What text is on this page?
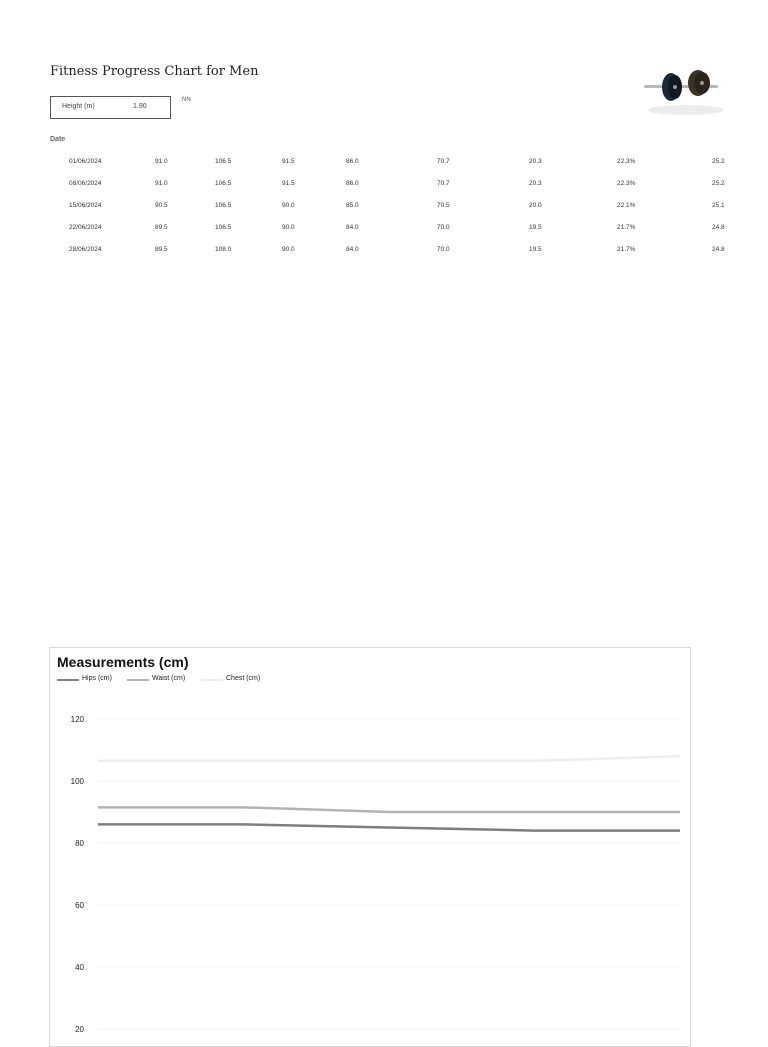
Fitness Progress Chart for Men
Height (m)	1.90
NN
Date
01/06/2024	91.0	106.5	91.5	86.0	70.7	20.3	22.3%	25.2
08/06/2024	91.0	106.5	91.5	86.0	70.7	20.3	22.3%	25.2
15/06/2024	90.5	106.5	90.0	85.0	70.5	20.0	22.1%	25.1
22/06/2024	89.5	106.5	90.0	84.0	70.0	19.5	21.7%	24.8
28/06/2024	89.5	108.0	90.0	84.0	70.0	19.5	21.7%	24.8
Measurements (cm)
Hips (cm)	Waist (cm)	Chest (cm)
20
40
60
80
100
120
